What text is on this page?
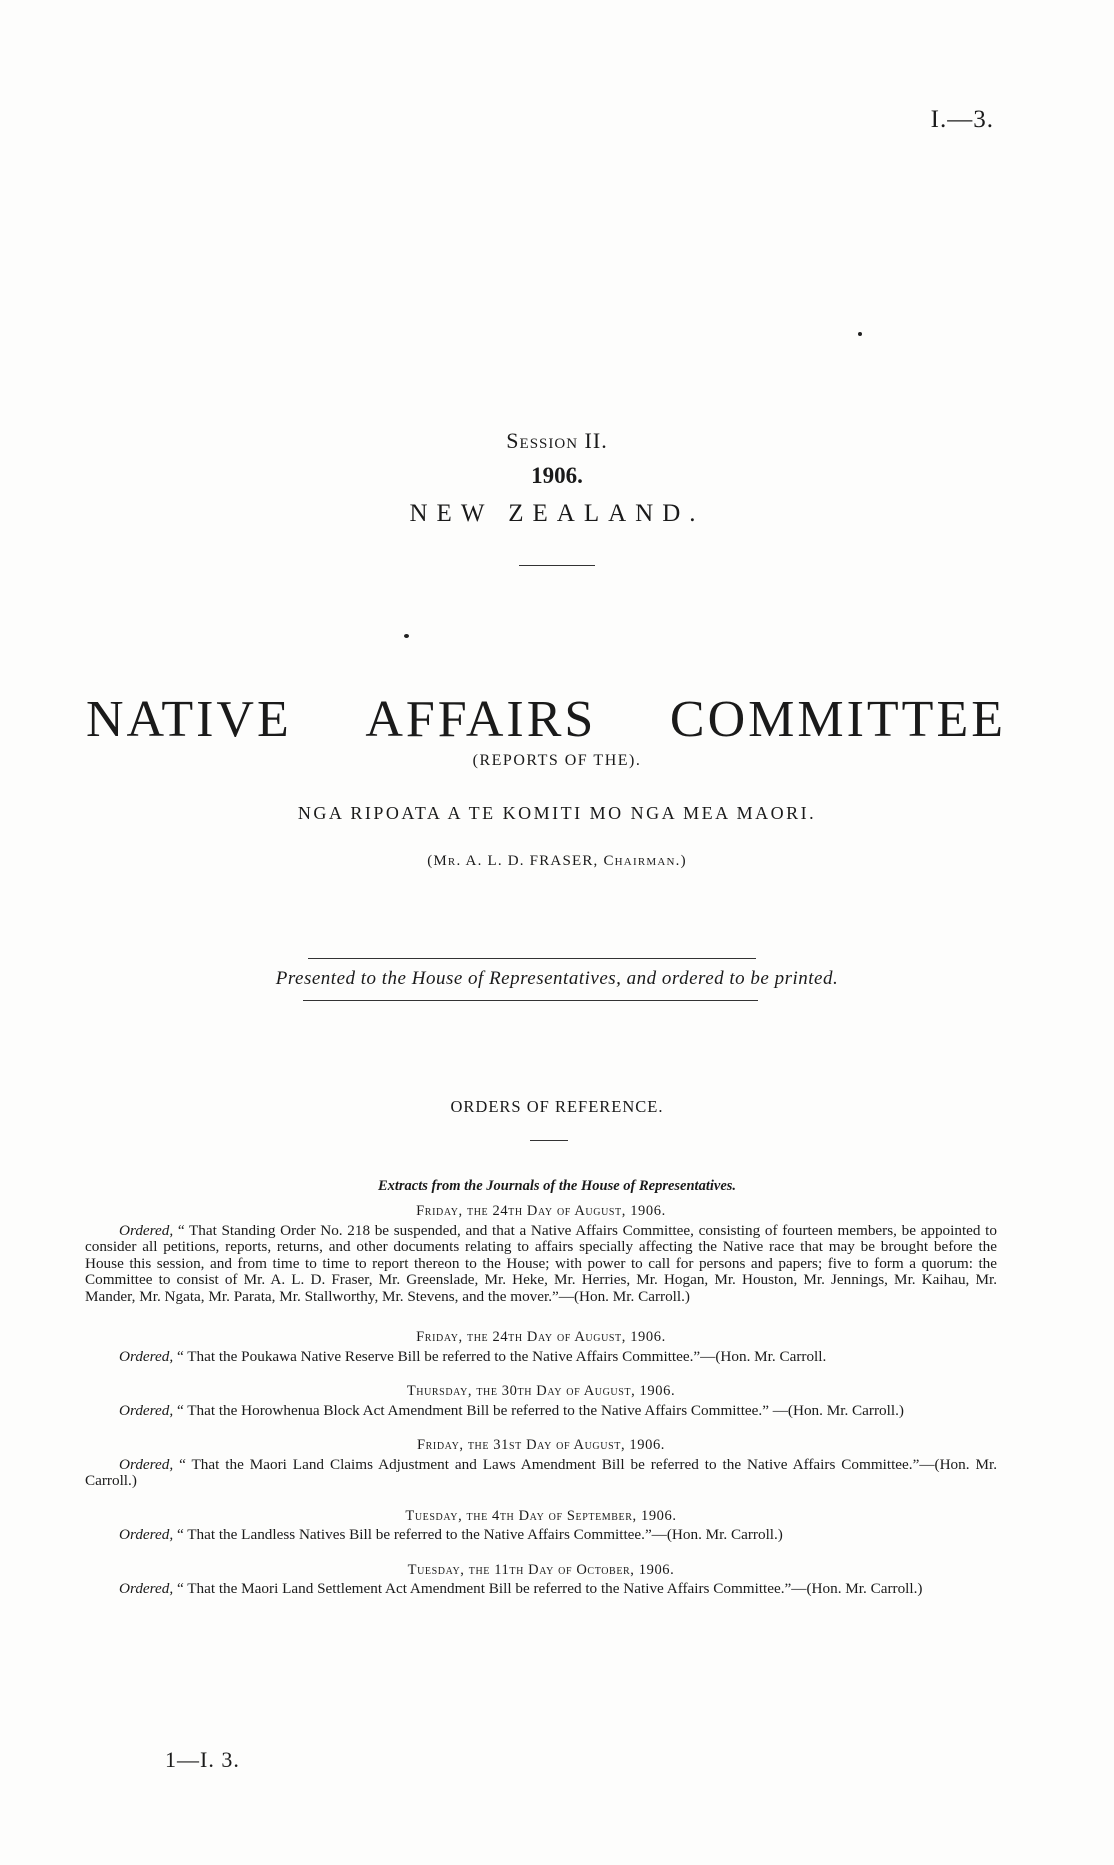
I.—3.
Session II.
1906.
NEW ZEALAND.
NATIVE AFFAIRS COMMITTEE
(REPORTS OF THE).
NGA RIPOATA A TE KOMITI MO NGA MEA MAORI.
(Mr. A. L. D. FRASER, Chairman.)
Presented to the House of Representatives, and ordered to be printed.
ORDERS OF REFERENCE.
Extracts from the Journals of the House of Representatives.
Friday, the 24th Day of August, 1906.

Ordered, “ That Standing Order No. 218 be suspended, and that a Native Affairs Committee, consisting of fourteen members, be appointed to consider all petitions, reports, returns, and other documents relating to affairs specially affecting the Native race that may be brought before the House this session, and from time to time to report thereon to the House; with power to call for persons and papers; five to form a quorum: the Committee to consist of Mr. A. L. D. Fraser, Mr. Greenslade, Mr. Heke, Mr. Herries, Mr. Hogan, Mr. Houston, Mr. Jennings, Mr. Kaihau, Mr. Mander, Mr. Ngata, Mr. Parata, Mr. Stallworthy, Mr. Stevens, and the mover.”—(Hon. Mr. Carroll.)

Friday, the 24th Day of August, 1906.

Ordered, “ That the Poukawa Native Reserve Bill be referred to the Native Affairs Committee.”—(Hon. Mr. Carroll.

Thursday, the 30th Day of August, 1906.

Ordered, “ That the Horowhenua Block Act Amendment Bill be referred to the Native Affairs Committee.” —(Hon. Mr. Carroll.)

Friday, the 31st Day of August, 1906.

Ordered, “ That the Maori Land Claims Adjustment and Laws Amendment Bill be referred to the Native Affairs Committee.”—(Hon. Mr. Carroll.)

Tuesday, the 4th Day of September, 1906.

Ordered, “ That the Landless Natives Bill be referred to the Native Affairs Committee.”—(Hon. Mr. Carroll.)

Tuesday, the 11th Day of October, 1906.

Ordered, “ That the Maori Land Settlement Act Amendment Bill be referred to the Native Affairs Committee.”—(Hon. Mr. Carroll.)

1—I. 3.
